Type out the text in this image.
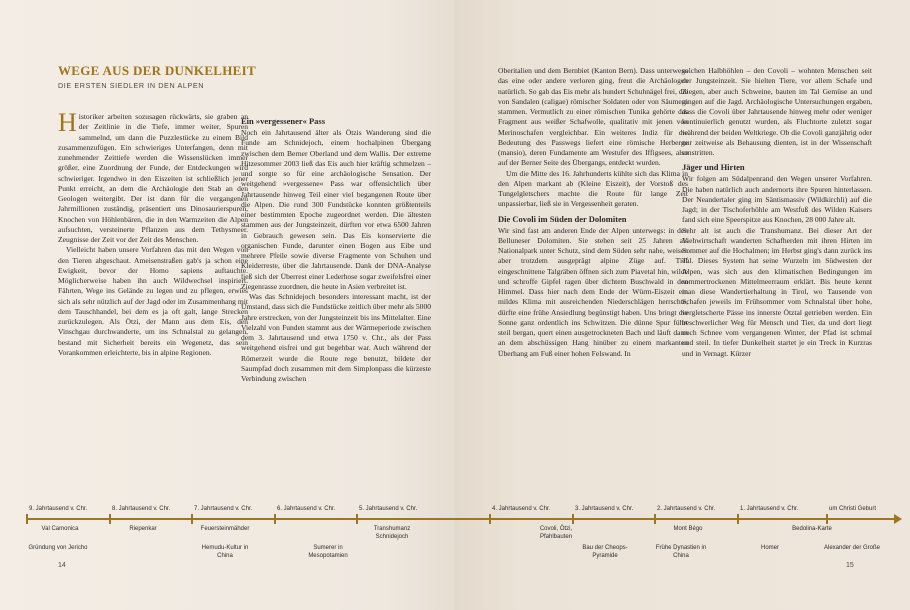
WEGE AUS DER DUNKELHEIT
DIE ERSTEN SIEDLER IN DEN ALPEN

Historiker arbeiten sozusagen rückwärts, sie graben an der Zeitlinie in die Tiefe, immer weiter, Spuren sammelnd, um dann die Puzzlestücke zu einem Bild zusammenzufügen. Ein schwieriges Unterfangen, denn mit zunehmender Zeittiefe werden die Wissenslücken immer größer, eine Zuordnung der Funde, der Entdeckungen wird schwieriger. Irgendwo in den Eiszeiten ist schließlich jener Punkt erreicht, an dem die Archäologie den Stab an den Geologen weitergibt. Der ist dann für die vergangenen Jahrmillionen zuständig, präsentiert uns Dinosaurierspuren, Knochen von Höhlenbären, die in den Warmzeiten die Alpen aufsuchten, versteinerte Pflanzen aus dem Tethysmeer. Zeugnisse der Zeit vor der Zeit des Menschen.

Vielleicht haben unsere Vorfahren das mit den Wegen von den Tieren abgeschaut. Ameisenstraßen gab's ja schon eine Ewigkeit, bevor der Homo sapiens auftauchte. Möglicherweise haben ihn auch Wildwechsel inspiriert. Fährten, Wege ins Gelände zu legen und zu pflegen, erwies sich als sehr nützlich auf der Jagd oder im Zusammenhang mit dem Tauschhandel, bei dem es ja oft galt, lange Strecken zurückzulegen. Als Ötzi, der Mann aus dem Eis, den Vinschgau durchwanderte, um ins Schnalstal zu gelangen, bestand mit Sicherheit bereits ein Wegenetz, das sein Vorankommen erleichterte, bis in alpine Regionen.

Ein »vergessener« Pass

Noch ein Jahrtausend älter als Ötzis Wanderung sind die Funde am Schnidejoch, einem hochalpinen Übergang zwischen dem Berner Oberland und dem Wallis. Der extreme Hitzesommer 2003 ließ das Eis auch hier kräftig schmelzen – und sorgte so für eine archäologische Sensation. Der weitgehend »vergessene« Pass war offensichtlich über Jahrtausende hinweg Teil einer viel begangenen Route über die Alpen. Die rund 300 Fundstücke konnten größtenteils einer bestimmten Epoche zugeordnet werden. Die ältesten stammen aus der Jungsteinzeit, dürften vor etwa 6500 Jahren in Gebrauch gewesen sein. Das Eis konservierte die organischen Funde, darunter einen Bogen aus Eibe und mehrere Pfeile sowie diverse Fragmente von Schuhen und Kleiderreste, über die Jahrtausende. Dank der DNA-Analyse ließ sich der Überrest einer Lederhose sogar zweifelsfrei einer Ziegenrasse zuordnen, die heute in Asien verbreitet ist.

Was das Schnidejoch besonders interessant macht, ist der Umstand, dass sich die Fundstücke zeitlich über mehr als 5000 Jahre erstrecken, von der Jungsteinzeit bis ins Mittelalter. Eine Vielzahl von Funden stammt aus der Wärmeperiode zwischen dem 3. Jahrtausend und etwa 1750 v. Chr., als der Pass weitgehend eisfrei und gut begehbar war. Auch während der Römerzeit wurde die Route rege benutzt, bildete der Saumpfad doch zusammen mit dem Simplonpass die kürzeste Verbindung zwischen

Oberitalien und dem Bernbiet (Kanton Bern). Dass unterwegs das eine oder andere verloren ging, freut die Archäologen natürlich. So gab das Eis mehr als hundert Schuhnägel frei, die von Sandalen (caligae) römischer Soldaten oder von Säumern stammen. Vermutlich zu einer römischen Tunika gehörte das Fragment aus weißer Schafwolle, qualitativ mit jenen von Merinoschafen vergleichbar. Ein weiteres Indiz für die Bedeutung des Passwegs liefert eine römische Herberge (mansio), deren Fundamente am Westufer des Iffigsees, also auf der Berner Seite des Übergangs, entdeckt wurden.

Um die Mitte des 16. Jahrhunderts kühlte sich das Klima in den Alpen markant ab (Kleine Eiszeit), der Vorstoß des Tungelgletschers machte die Route für lange Zeit unpassierbar, ließ sie in Vergessenheit geraten.

Die Covoli im Süden der Dolomiten

Wir sind fast am anderen Ende der Alpen unterwegs: in den Belluneser Dolomiten. Sie stehen seit 25 Jahren als Nationalpark unter Schutz, sind dem Süden sehr nahe, weisen aber trotzdem ausgeprägt alpine Züge auf. Tief eingeschnittene Talgräben öffnen sich zum Piavetal hin, wilde und schroffe Gipfel ragen über dichtem Buschwald in den Himmel. Dass hier nach dem Ende der Würm-Eiszeit ein mildes Klima mit ausreichenden Niederschlägen herrschte, dürfte eine frühe Ansiedlung begünstigt haben. Uns bringt die Sonne ganz ordentlich ins Schwitzen. Die dünne Spur führt steil bergan, quert einen ausgetrockneten Bach und läuft dann an dem abschüssigen Hang hinüber zu einem markanten Überhang am Fuß einer hohen Felswand. In

solchen Halbhöhlen – den Covoli – wohnten Menschen seit der Jungsteinzeit. Sie hielten Tiere, vor allem Schafe und Ziegen, aber auch Schweine, bauten im Tal Gemüse an und gingen auf die Jagd. Archäologische Untersuchungen ergaben, dass die Covoli über Jahrtausende hinweg mehr oder weniger kontinuierlich genutzt wurden, als Fluchtorte zuletzt sogar während der beiden Weltkriege. Ob die Covoli ganzjährig oder nur zeitweise als Behausung dienten, ist in der Wissenschaft umstritten.

Jäger und Hirten

Wir folgen am Südalpenrand den Wegen unserer Vorfahren. Die haben natürlich auch andernorts ihre Spuren hinterlassen. Der Neandertaler ging im Säntismassiv (Wildkirchli) auf die Jagd; in der Tischoferhöhle am Westfuß des Wilden Kaisers fand sich eine Speerspitze aus Knochen, 28 000 Jahre alt.

Sehr alt ist auch die Transhumanz. Bei dieser Art der Viehwirtschaft wanderten Schafherden mit ihren Hirten im Sommer auf die Hochalmen; im Herbst ging's dann zurück ins Tal. Dieses System hat seine Wurzeln im Südwesten der Alpen, was sich aus den klimatischen Bedingungen im sommertrockenen Mittelmeerraum erklärt. Bis heute kennt man diese Wandertierhaltung in Tirol, wo Tausende von Schafen jeweils im Frühsommer vom Schnalstal über hohe, vergletscherte Pässe ins innerste Ötztal getrieben werden. Ein beschwerlicher Weg für Mensch und Tier, da und dort liegt noch Schnee vom vergangenen Winter, der Pfad ist schmal und steil. In tiefer Dunkelheit startet je ein Treck in Kurzras und in Vernagt. Kürzer

9. Jahrtausend v. Chr.	8. Jahrtausend v. Chr.	7. Jahrtausend v. Chr.	6. Jahrtausend v. Chr.	5. Jahrtausend v. Chr.	4. Jahrtausend v. Chr.	3. Jahrtausend v. Chr.	2. Jahrtausend v. Chr.	1. Jahrtausend v. Chr.	um Christi Geburt
Val Camonica	Riepenkar	Feuersteinmähder	Transhumanz Schnidejoch
Covoli, Ötzi, Pfahlbauten
Mont Bégo	Bedolina-Karte
Gründung von Jericho	Hemudu-Kultur in China
Sumerer in Mesopotamien
Bau der Cheops-Pyramide
Frühe Dynastien in China
Homer	Alexander der Große
14	15
